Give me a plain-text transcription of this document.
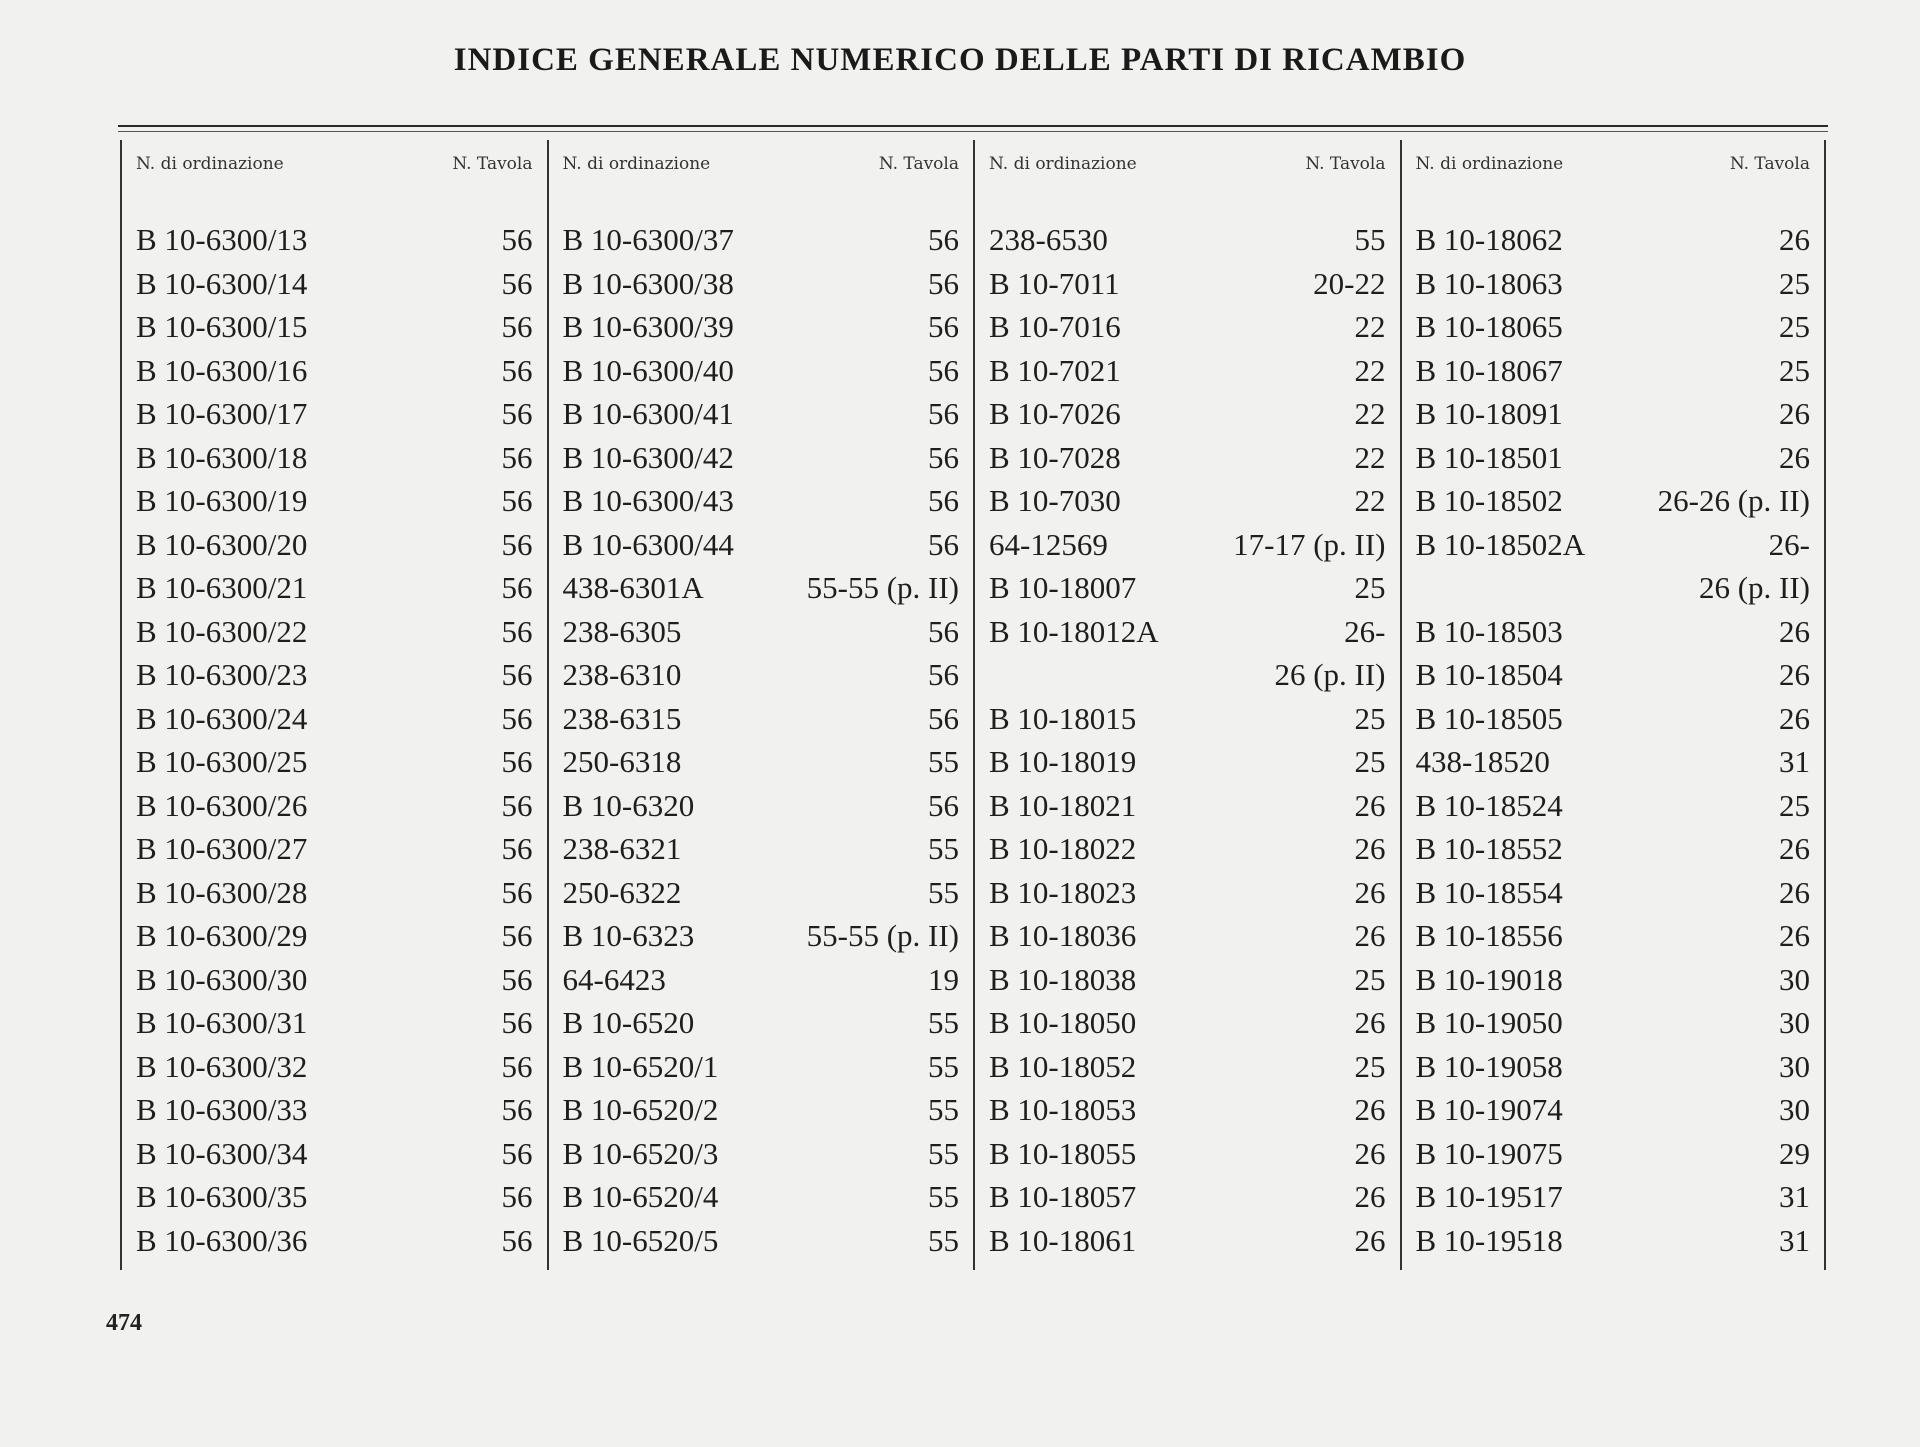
INDICE GENERALE NUMERICO DELLE PARTI DI RICAMBIO
N. di ordinazione	N. Tavola
B 10-6300/13	56
B 10-6300/14	56
B 10-6300/15	56
B 10-6300/16	56
B 10-6300/17	56
B 10-6300/18	56
B 10-6300/19	56
B 10-6300/20	56
B 10-6300/21	56
B 10-6300/22	56
B 10-6300/23	56
B 10-6300/24	56
B 10-6300/25	56
B 10-6300/26	56
B 10-6300/27	56
B 10-6300/28	56
B 10-6300/29	56
B 10-6300/30	56
B 10-6300/31	56
B 10-6300/32	56
B 10-6300/33	56
B 10-6300/34	56
B 10-6300/35	56
B 10-6300/36	56
N. di ordinazione	N. Tavola
B 10-6300/37	56
B 10-6300/38	56
B 10-6300/39	56
B 10-6300/40	56
B 10-6300/41	56
B 10-6300/42	56
B 10-6300/43	56
B 10-6300/44	56
438-6301A	55-55 (p. II)
238-6305	56
238-6310	56
238-6315	56
250-6318	55
B 10-6320	56
238-6321	55
250-6322	55
B 10-6323	55-55 (p. II)
64-6423	19
B 10-6520	55
B 10-6520/1	55
B 10-6520/2	55
B 10-6520/3	55
B 10-6520/4	55
B 10-6520/5	55
N. di ordinazione	N. Tavola
238-6530	55
B 10-7011	20-22
B 10-7016	22
B 10-7021	22
B 10-7026	22
B 10-7028	22
B 10-7030	22
64-12569	17-17 (p. II)
B 10-18007	25
B 10-18012A	26-
26 (p. II)
B 10-18015	25
B 10-18019	25
B 10-18021	26
B 10-18022	26
B 10-18023	26
B 10-18036	26
B 10-18038	25
B 10-18050	26
B 10-18052	25
B 10-18053	26
B 10-18055	26
B 10-18057	26
B 10-18061	26
N. di ordinazione	N. Tavola
B 10-18062	26
B 10-18063	25
B 10-18065	25
B 10-18067	25
B 10-18091	26
B 10-18501	26
B 10-18502	26-26 (p. II)
B 10-18502A	26-
26 (p. II)
B 10-18503	26
B 10-18504	26
B 10-18505	26
438-18520	31
B 10-18524	25
B 10-18552	26
B 10-18554	26
B 10-18556	26
B 10-19018	30
B 10-19050	30
B 10-19058	30
B 10-19074	30
B 10-19075	29
B 10-19517	31
B 10-19518	31
474
